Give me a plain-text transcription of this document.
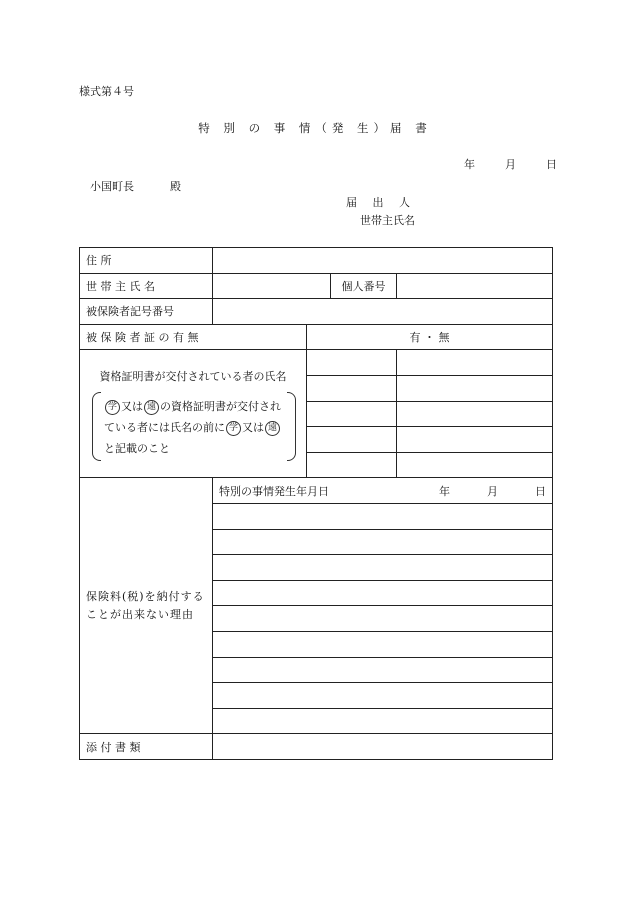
様式第４号
特 別 の 事 情（発 生）届 書
年	月	日
小国町長	殿
届 出 人
世帯主氏名
住 所				

世 帯 主 氏 名			個人番号	
被保険者記号番号				
被 保 険 者 証 の 有 無		有 ・ 無		

資格証明書が交付されている者の氏名
学 又は 遠 の資格証明書が交付され
ている者には氏名の前に 学 又は 遠
と記載のこと				

保険料(税)を納付することが出来ない理由	特別の事情発生年月日 年 月 日			

添 付 書 類				
